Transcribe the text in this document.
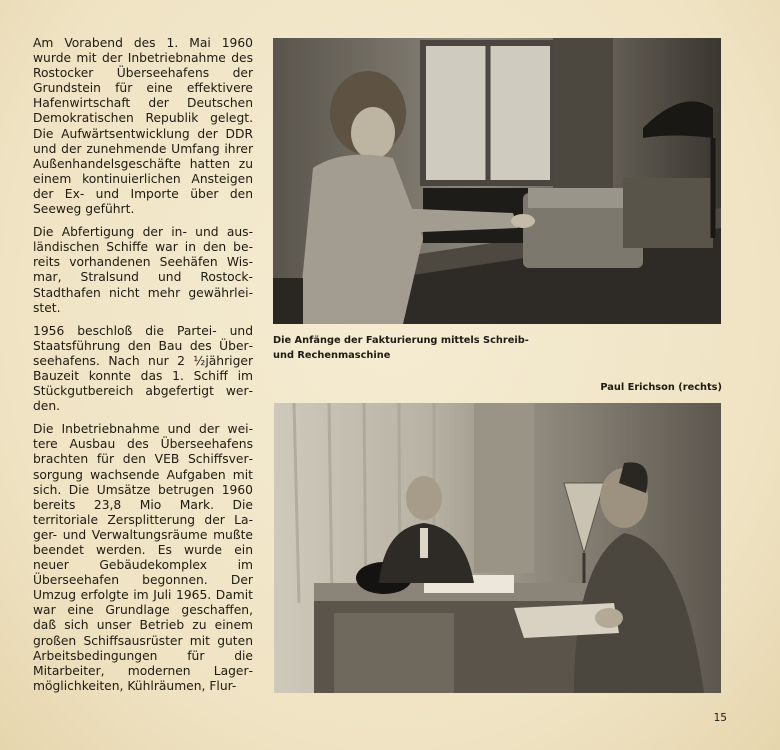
Am Vorabend des 1. Mai 1960 wurde mit der Inbetriebnahme des Rostocker Überseehafens der Grundstein für eine effektivere Hafenwirtschaft der Deutschen Demokratischen Republik gelegt. Die Aufwärtsentwicklung der DDR und der zunehmende Umfang ihrer Außenhandelsgeschäfte hatten zu einem kontinuierlichen Ansteigen der Ex- und Importe über den Seeweg geführt.

Die Abfertigung der in- und ausländischen Schiffe war in den bereits vorhandenen Seehäfen Wismar, Stralsund und Rostock-Stadthafen nicht mehr gewährleistet.

1956 beschloß die Partei- und Staatsführung den Bau des Überseehafens. Nach nur 2 ½jähriger Bauzeit konnte das 1. Schiff im Stückgutbereich abgefertigt werden.

Die Inbetriebnahme und der weitere Ausbau des Überseehafens brachten für den VEB Schiffsversorgung wachsende Aufgaben mit sich. Die Umsätze betrugen 1960 bereits 23,8 Mio Mark. Die territoriale Zersplitterung der Lager- und Verwaltungsräume mußte beendet werden. Es wurde ein neuer Gebäudekomplex im Überseehafen begonnen. Der Umzug erfolgte im Juli 1965. Damit war eine Grundlage geschaffen, daß sich unser Betrieb zu einem großen Schiffsausrüster mit guten Arbeitsbedingungen für die Mitarbeiter, modernen Lagermöglichkeiten, Kühlräumen, Flur-

Die Anfänge der Fakturierung mittels Schreib- und Rechenmaschine
Paul Erichson (rechts)
15
